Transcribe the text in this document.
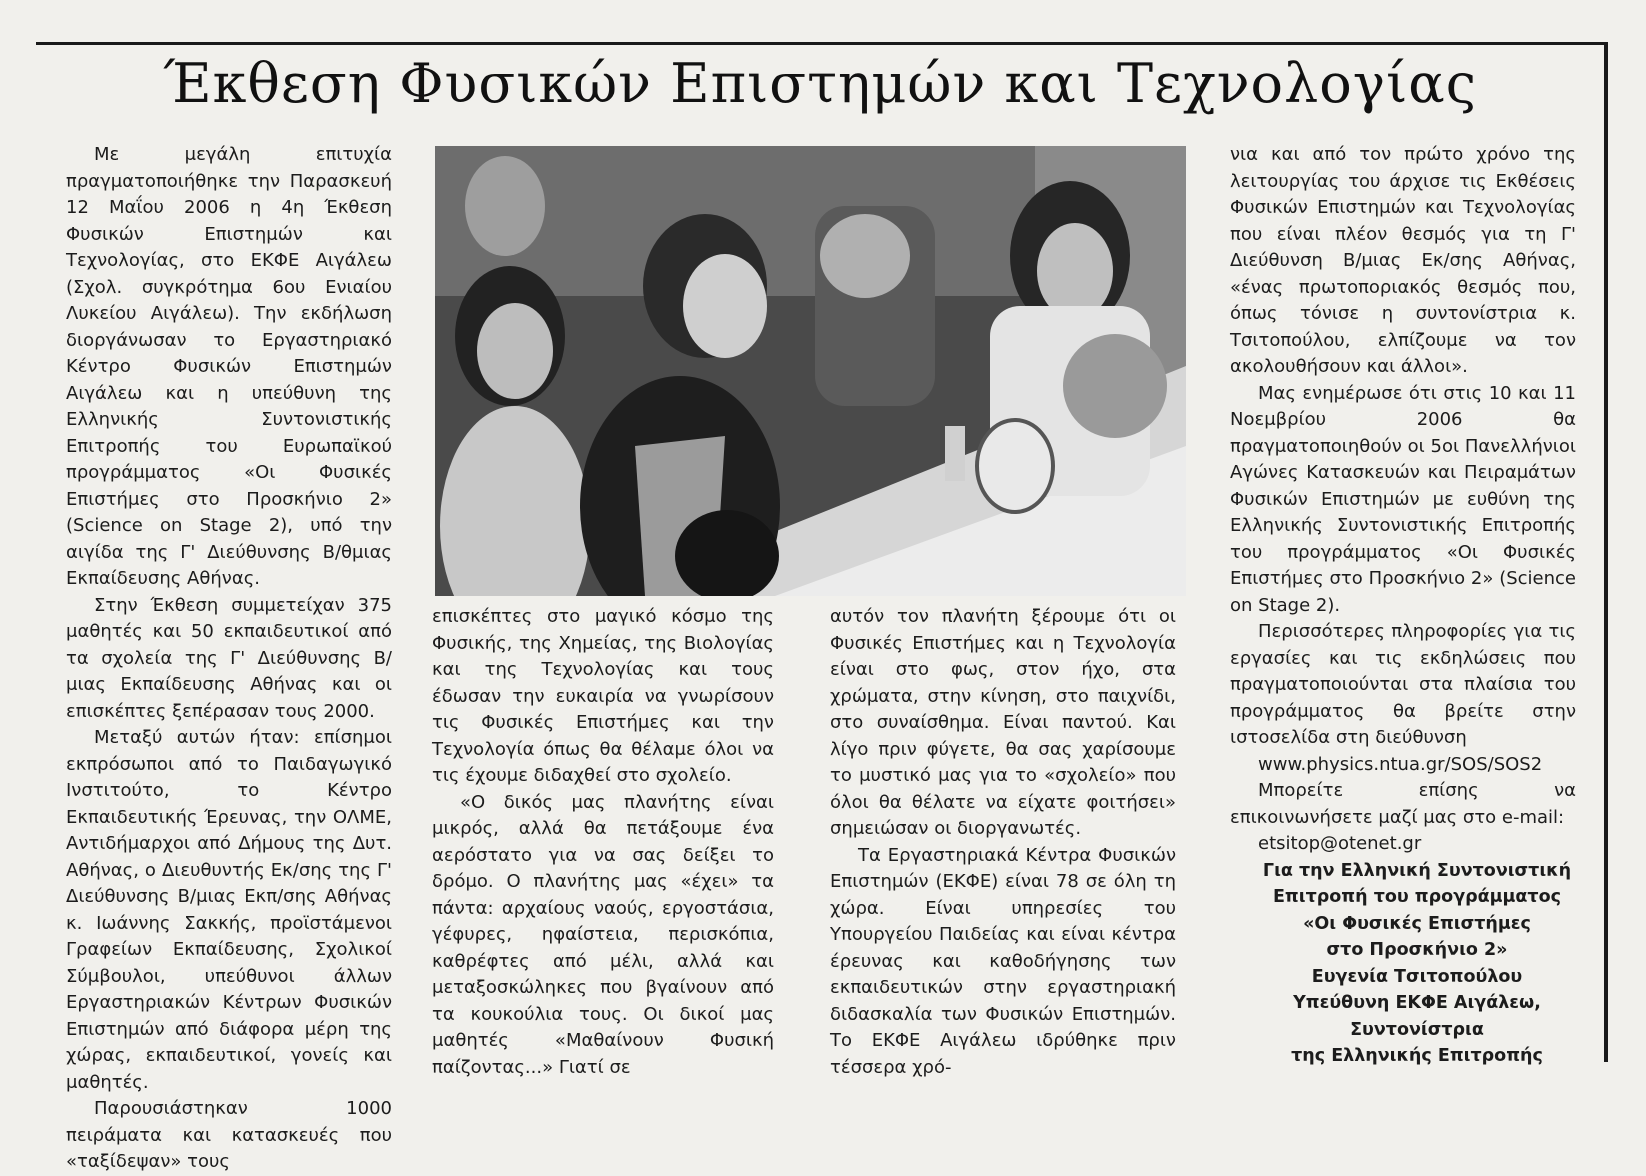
Έκθεση Φυσικών Επιστημών και Τεχνολογίας

Με μεγάλη επιτυχία πραγματοποιήθηκε την Παρασκευή 12 Μαΐου 2006 η 4η Έκθεση Φυσικών Επιστημών και Τεχνολογίας, στο ΕΚΦΕ Αιγάλεω (Σχολ. συγκρότημα 6ου Ενιαίου Λυκείου Αιγάλεω). Την εκδήλωση διοργάνωσαν το Εργαστηριακό Κέντρο Φυσικών Επιστημών Αιγάλεω και η υπεύθυνη της Ελληνικής Συντονιστικής Επιτροπής του Ευρωπαϊκού προγράμματος «Οι Φυσικές Επιστήμες στο Προσκήνιο 2» (Science on Stage 2), υπό την αιγίδα της Γ' Διεύθυνσης Β/θμιας Εκπαίδευσης Αθήνας.

Στην Έκθεση συμμετείχαν 375 μαθητές και 50 εκπαιδευτικοί από τα σχολεία της Γ' Διεύθυνσης Β/μιας Εκπαίδευσης Αθήνας και οι επισκέπτες ξεπέρασαν τους 2000.

Μεταξύ αυτών ήταν: επίσημοι εκπρόσωποι από το Παιδαγωγικό Ινστιτούτο, το Κέντρο Εκπαιδευτικής Έρευνας, την ΟΛΜΕ, Αντιδήμαρχοι από Δήμους της Δυτ. Αθήνας, ο Διευθυντής Εκ/σης της Γ' Διεύθυνσης Β/μιας Εκπ/σης Αθήνας κ. Ιωάννης Σακκής, προϊστάμενοι Γραφείων Εκπαίδευσης, Σχολικοί Σύμβουλοι, υπεύθυνοι άλλων Εργαστηριακών Κέντρων Φυσικών Επιστημών από διάφορα μέρη της χώρας, εκπαιδευτικοί, γονείς και μαθητές.

Παρουσιάστηκαν 1000 πειράματα και κατασκευές που «ταξίδεψαν» τους

επισκέπτες στο μαγικό κόσμο της Φυσικής, της Χημείας, της Βιολογίας και της Τεχνολογίας και τους έδωσαν την ευκαιρία να γνωρίσουν τις Φυσικές Επιστήμες και την Τεχνολογία όπως θα θέλαμε όλοι να τις έχουμε διδαχθεί στο σχολείο.

«Ο δικός μας πλανήτης είναι μικρός, αλλά θα πετάξουμε ένα αερόστατο για να σας δείξει το δρόμο. Ο πλανήτης μας «έχει» τα πάντα: αρχαίους ναούς, εργοστάσια, γέφυρες, ηφαίστεια, περισκόπια, καθρέφτες από μέλι, αλλά και μεταξοσκώληκες που βγαίνουν από τα κουκούλια τους. Οι δικοί μας μαθητές «Μαθαίνουν Φυσική παίζοντας...» Γιατί σε

αυτόν τον πλανήτη ξέρουμε ότι οι Φυσικές Επιστήμες και η Τεχνολογία είναι στο φως, στον ήχο, στα χρώματα, στην κίνηση, στο παιχνίδι, στο συναίσθημα. Είναι παντού. Και λίγο πριν φύγετε, θα σας χαρίσουμε το μυστικό μας για το «σχολείο» που όλοι θα θέλατε να είχατε φοιτήσει» σημειώσαν οι διοργανωτές.

Τα Εργαστηριακά Κέντρα Φυσικών Επιστημών (ΕΚΦΕ) είναι 78 σε όλη τη χώρα. Είναι υπηρεσίες του Υπουργείου Παιδείας και είναι κέντρα έρευνας και καθοδήγησης των εκπαιδευτικών στην εργαστηριακή διδασκαλία των Φυσικών Επιστημών. Το ΕΚΦΕ Αιγάλεω ιδρύθηκε πριν τέσσερα χρό-

νια και από τον πρώτο χρόνο της λειτουργίας του άρχισε τις Εκθέσεις Φυσικών Επιστημών και Τεχνολογίας που είναι πλέον θεσμός για τη Γ' Διεύθυνση Β/μιας Εκ/σης Αθήνας, «ένας πρωτοποριακός θεσμός που, όπως τόνισε η συντονίστρια κ. Τσιτοπούλου, ελπίζουμε να τον ακολουθήσουν και άλλοι».

Μας ενημέρωσε ότι στις 10 και 11 Νοεμβρίου 2006 θα πραγματοποιηθούν οι 5οι Πανελλήνιοι Αγώνες Κατασκευών και Πειραμάτων Φυσικών Επιστημών με ευθύνη της Ελληνικής Συντονιστικής Επιτροπής του προγράμματος «Οι Φυσικές Επιστήμες στο Προσκήνιο 2» (Science on Stage 2).

Περισσότερες πληροφορίες για τις εργασίες και τις εκδηλώσεις που πραγματοποιούνται στα πλαίσια του προγράμματος θα βρείτε στην ιστοσελίδα στη διεύθυνση

www.physics.ntua.gr/SOS/SOS2

Μπορείτε επίσης να επικοινωνήσετε μαζί μας στο e-mail:

etsitop@otenet.gr

Για την Ελληνική Συντονιστική

Επιτροπή του προγράμματος

«Οι Φυσικές Επιστήμες

στο Προσκήνιο 2»

Ευγενία Τσιτοπούλου

Υπεύθυνη ΕΚΦΕ Αιγάλεω,

Συντονίστρια

της Ελληνικής Επιτροπής
